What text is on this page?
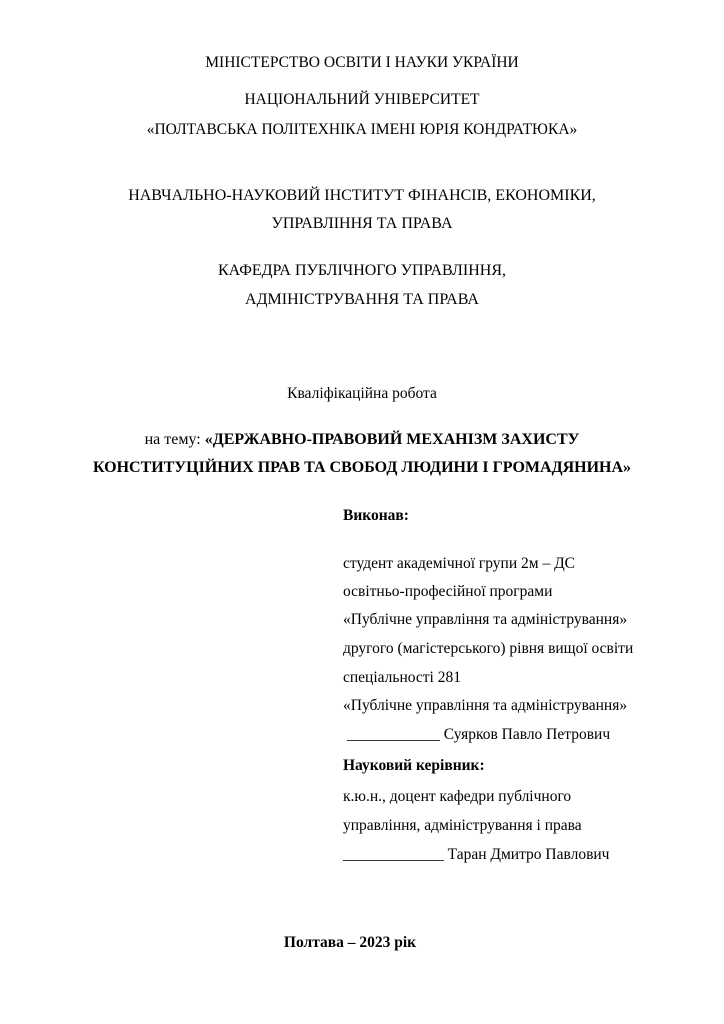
МІНІСТЕРСТВО ОСВІТИ І НАУКИ УКРАЇНИ
НАЦІОНАЛЬНИЙ УНІВЕРСИТЕТ
«ПОЛТАВСЬКА ПОЛІТЕХНІКА ІМЕНІ ЮРІЯ КОНДРАТЮКА»
НАВЧАЛЬНО-НАУКОВИЙ ІНСТИТУТ ФІНАНСІВ, ЕКОНОМІКИ,
УПРАВЛІННЯ ТА ПРАВА
КАФЕДРА ПУБЛІЧНОГО УПРАВЛІННЯ,
АДМІНІСТРУВАННЯ ТА ПРАВА
Кваліфікаційна робота
на тему: «ДЕРЖАВНО-ПРАВОВИЙ МЕХАНІЗМ ЗАХИСТУ
КОНСТИТУЦІЙНИХ ПРАВ ТА СВОБОД ЛЮДИНИ І ГРОМАДЯНИНА»
Виконав:
студент академічної групи 2м – ДС
освітньо-професійної програми
«Публічне управління та адміністрування»
другого (магістерського) рівня вищої освіти
спеціальності 281
«Публічне управління та адміністрування»
____________ Суярков Павло Петрович
Науковий керівник:
к.ю.н., доцент кафедри публічного
управління, адміністрування і права
_____________ Таран Дмитро Павлович
Полтава – 2023 рік
